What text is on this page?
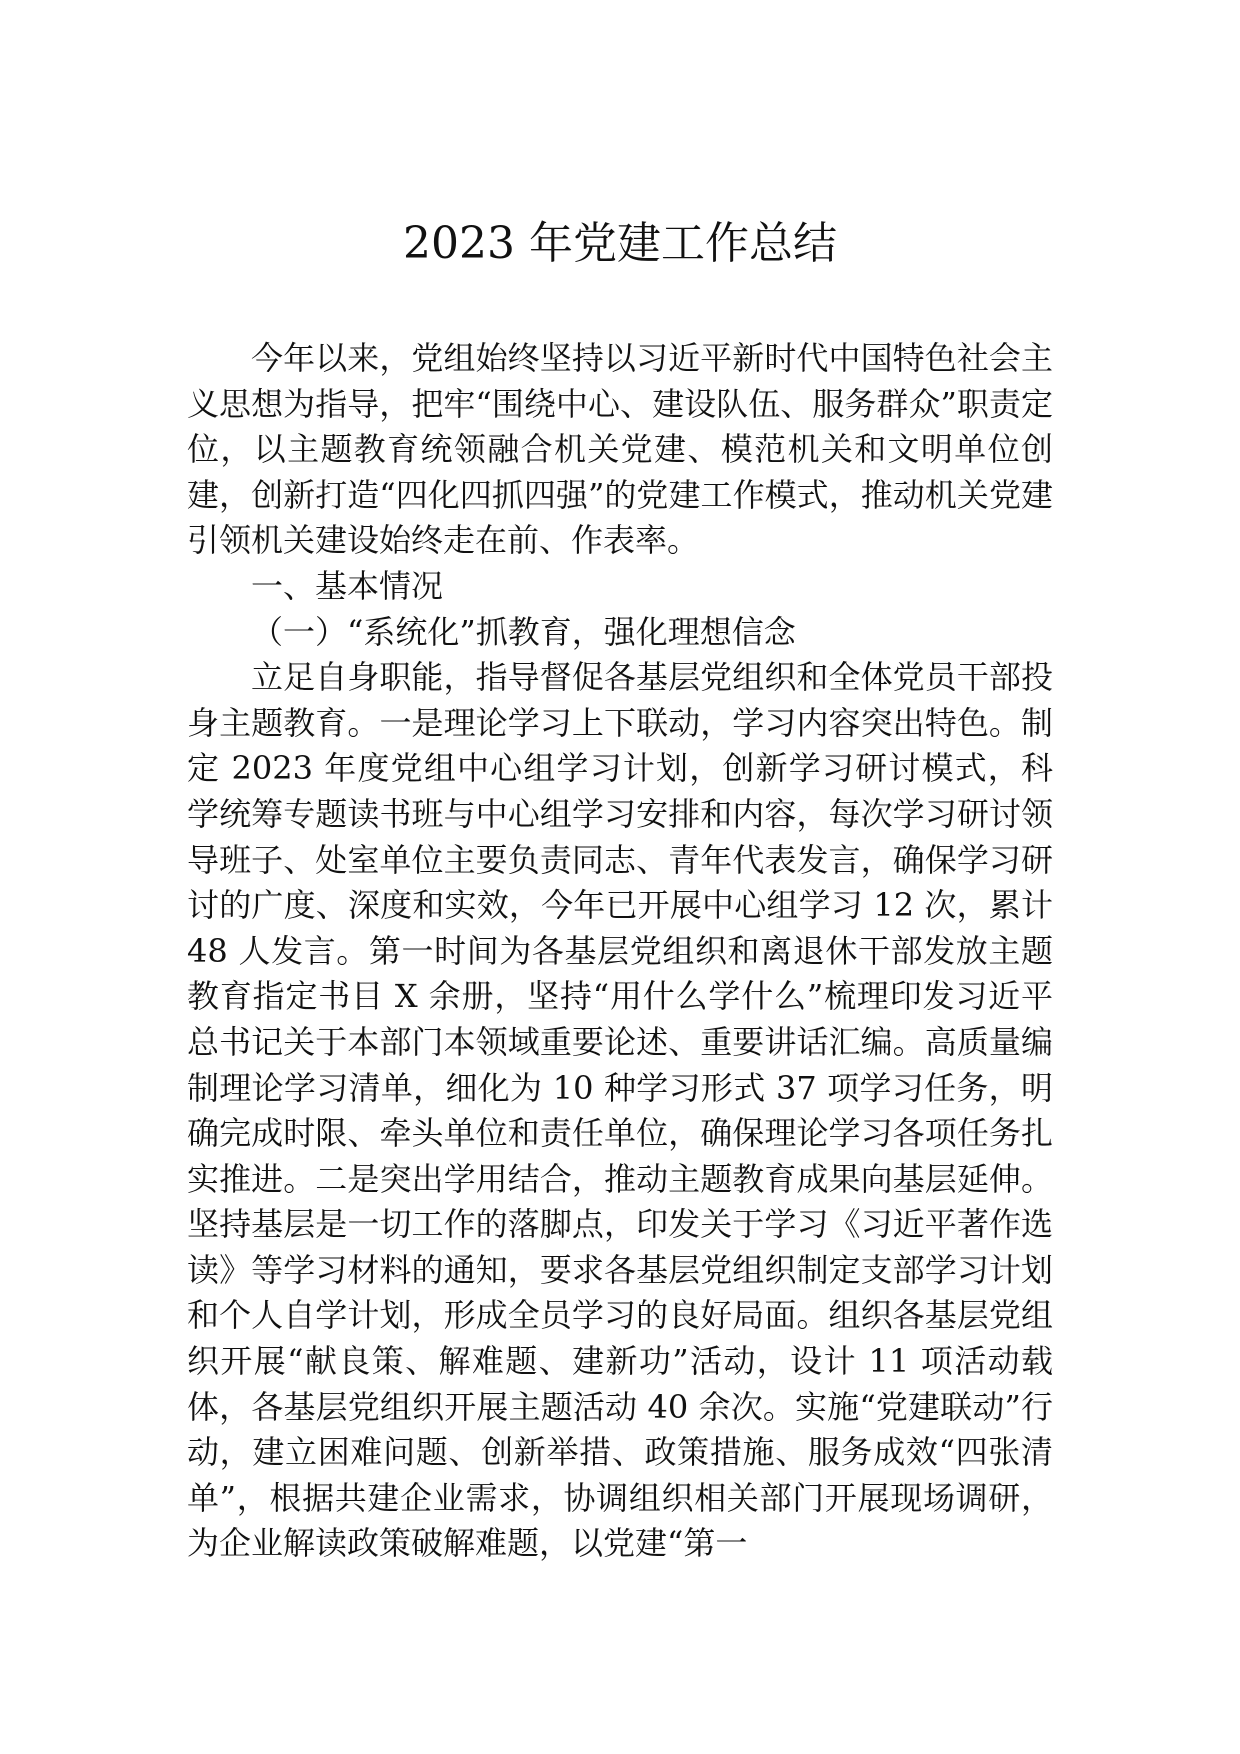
2023 年党建工作总结

今年以来，党组始终坚持以习近平新时代中国特色社会主义思想为指导，把牢“围绕中心、建设队伍、服务群众”职责定位，以主题教育统领融合机关党建、模范机关和文明单位创建，创新打造“四化四抓四强”的党建工作模式，推动机关党建引领机关建设始终走在前、作表率。

一、基本情况

（一）“系统化”抓教育，强化理想信念

立足自身职能，指导督促各基层党组织和全体党员干部投身主题教育。一是理论学习上下联动，学习内容突出特色。制定 2023 年度党组中心组学习计划，创新学习研讨模式，科学统筹专题读书班与中心组学习安排和内容，每次学习研讨领导班子、处室单位主要负责同志、青年代表发言，确保学习研讨的广度、深度和实效，今年已开展中心组学习 12 次，累计 48 人发言。第一时间为各基层党组织和离退休干部发放主题教育指定书目 X 余册，坚持“用什么学什么”梳理印发习近平总书记关于本部门本领域重要论述、重要讲话汇编。高质量编制理论学习清单，细化为 10 种学习形式 37 项学习任务，明确完成时限、牵头单位和责任单位，确保理论学习各项任务扎实推进。二是突出学用结合，推动主题教育成果向基层延伸。坚持基层是一切工作的落脚点，印发关于学习《习近平著作选读》等学习材料的通知，要求各基层党组织制定支部学习计划和个人自学计划，形成全员学习的良好局面。组织各基层党组织开展“献良策、解难题、建新功”活动，设计 11 项活动载体，各基层党组织开展主题活动 40 余次。实施“党建联动”行动，建立困难问题、创新举措、政策措施、服务成效“四张清单”，根据共建企业需求，协调组织相关部门开展现场调研，为企业解读政策破解难题，以党建“第一
